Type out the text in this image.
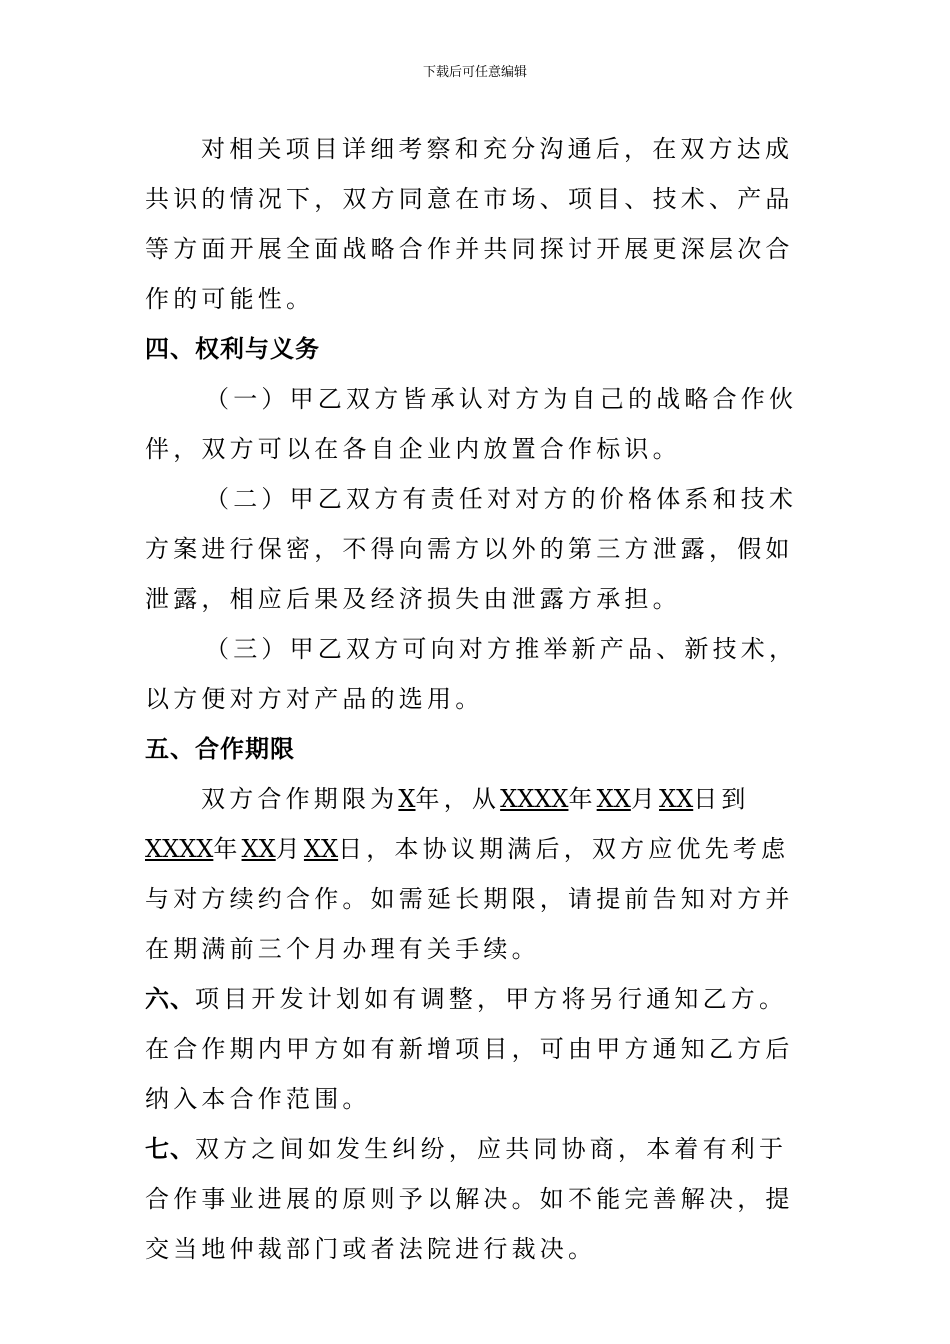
下载后可任意编辑

对相关项目详细考察和充分沟通后，在双方达成共识的情况下，双方同意在市场、项目、技术、产品等方面开展全面战略合作并共同探讨开展更深层次合作的可能性。

四、权利与义务

（一）甲乙双方皆承认对方为自己的战略合作伙伴，双方可以在各自企业内放置合作标识。

（二）甲乙双方有责任对对方的价格体系和技术方案进行保密，不得向需方以外的第三方泄露，假如泄露，相应后果及经济损失由泄露方承担。

（三）甲乙双方可向对方推举新产品、新技术，以方便对方对产品的选用。

五、合作期限

双方合作期限为X年，从XXXX年XX月XX日到XXXX年XX月XX日，本协议期满后，双方应优先考虑与对方续约合作。如需延长期限，请提前告知对方并在期满前三个月办理有关手续。

六、项目开发计划如有调整，甲方将另行通知乙方。在合作期内甲方如有新增项目，可由甲方通知乙方后纳入本合作范围。

七、双方之间如发生纠纷，应共同协商，本着有利于合作事业进展的原则予以解决。如不能完善解决，提交当地仲裁部门或者法院进行裁决。
